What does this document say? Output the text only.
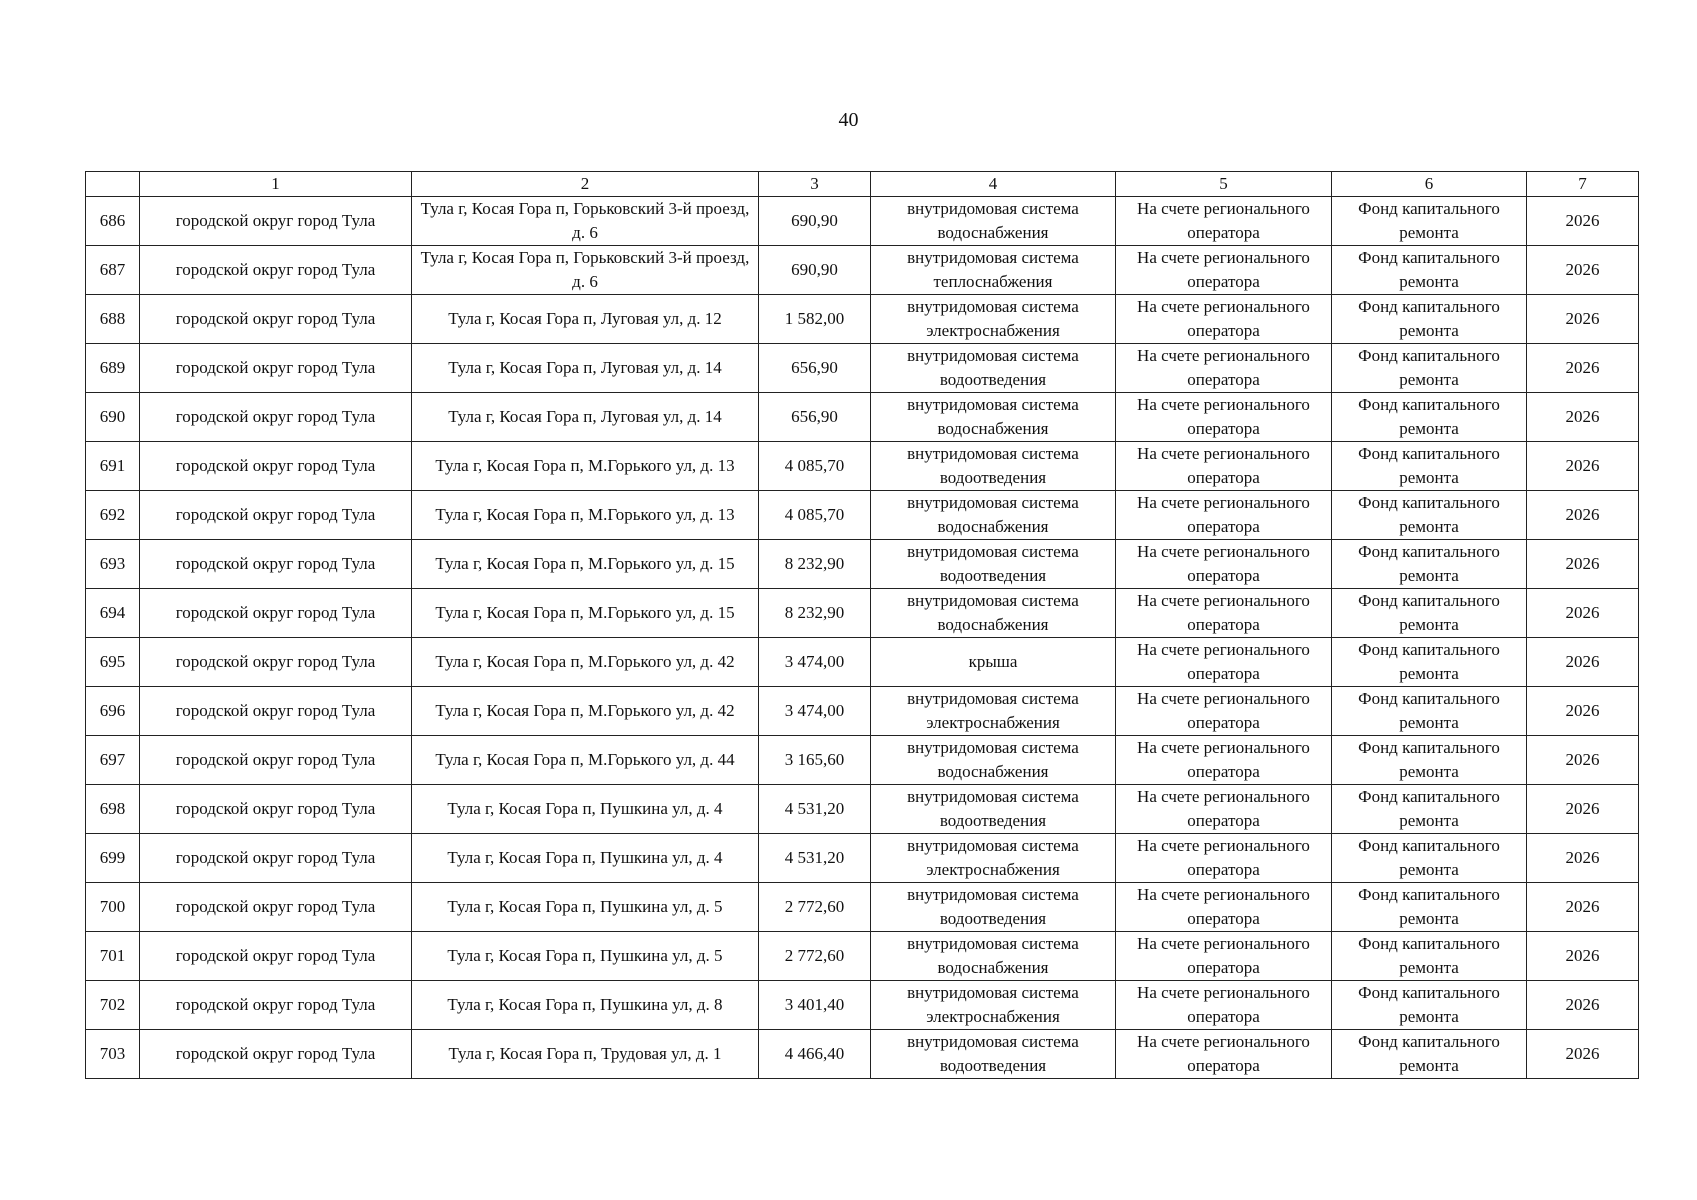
40
	1	2	3	4	5	6	7
686	городской округ город Тула	Тула г, Косая Гора п, Горьковский 3-й проезд, д. 6	690,90	внутридомовая система водоснабжения	На счете регионального оператора	Фонд капитального ремонта	2026
687	городской округ город Тула	Тула г, Косая Гора п, Горьковский 3-й проезд, д. 6	690,90	внутридомовая система теплоснабжения	На счете регионального оператора	Фонд капитального ремонта	2026
688	городской округ город Тула	Тула г, Косая Гора п, Луговая ул, д. 12	1 582,00	внутридомовая система электроснабжения	На счете регионального оператора	Фонд капитального ремонта	2026
689	городской округ город Тула	Тула г, Косая Гора п, Луговая ул, д. 14	656,90	внутридомовая система водоотведения	На счете регионального оператора	Фонд капитального ремонта	2026
690	городской округ город Тула	Тула г, Косая Гора п, Луговая ул, д. 14	656,90	внутридомовая система водоснабжения	На счете регионального оператора	Фонд капитального ремонта	2026
691	городской округ город Тула	Тула г, Косая Гора п, М.Горького ул, д. 13	4 085,70	внутридомовая система водоотведения	На счете регионального оператора	Фонд капитального ремонта	2026
692	городской округ город Тула	Тула г, Косая Гора п, М.Горького ул, д. 13	4 085,70	внутридомовая система водоснабжения	На счете регионального оператора	Фонд капитального ремонта	2026
693	городской округ город Тула	Тула г, Косая Гора п, М.Горького ул, д. 15	8 232,90	внутридомовая система водоотведения	На счете регионального оператора	Фонд капитального ремонта	2026
694	городской округ город Тула	Тула г, Косая Гора п, М.Горького ул, д. 15	8 232,90	внутридомовая система водоснабжения	На счете регионального оператора	Фонд капитального ремонта	2026
695	городской округ город Тула	Тула г, Косая Гора п, М.Горького ул, д. 42	3 474,00	крыша	На счете регионального оператора	Фонд капитального ремонта	2026
696	городской округ город Тула	Тула г, Косая Гора п, М.Горького ул, д. 42	3 474,00	внутридомовая система электроснабжения	На счете регионального оператора	Фонд капитального ремонта	2026
697	городской округ город Тула	Тула г, Косая Гора п, М.Горького ул, д. 44	3 165,60	внутридомовая система водоснабжения	На счете регионального оператора	Фонд капитального ремонта	2026
698	городской округ город Тула	Тула г, Косая Гора п, Пушкина ул, д. 4	4 531,20	внутридомовая система водоотведения	На счете регионального оператора	Фонд капитального ремонта	2026
699	городской округ город Тула	Тула г, Косая Гора п, Пушкина ул, д. 4	4 531,20	внутридомовая система электроснабжения	На счете регионального оператора	Фонд капитального ремонта	2026
700	городской округ город Тула	Тула г, Косая Гора п, Пушкина ул, д. 5	2 772,60	внутридомовая система водоотведения	На счете регионального оператора	Фонд капитального ремонта	2026
701	городской округ город Тула	Тула г, Косая Гора п, Пушкина ул, д. 5	2 772,60	внутридомовая система водоснабжения	На счете регионального оператора	Фонд капитального ремонта	2026
702	городской округ город Тула	Тула г, Косая Гора п, Пушкина ул, д. 8	3 401,40	внутридомовая система электроснабжения	На счете регионального оператора	Фонд капитального ремонта	2026
703	городской округ город Тула	Тула г, Косая Гора п, Трудовая ул, д. 1	4 466,40	внутридомовая система водоотведения	На счете регионального оператора	Фонд капитального ремонта	2026
